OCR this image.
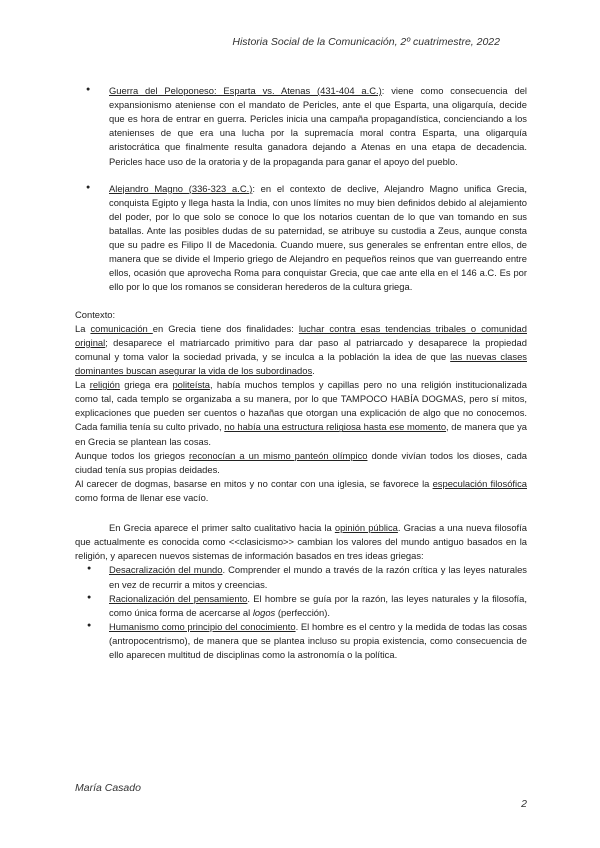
Historia Social de la Comunicación, 2º cuatrimestre, 2022
● Guerra del Peloponeso: Esparta vs. Atenas (431-404 a.C.): viene como consecuencia del expansionismo ateniense con el mandato de Pericles, ante el que Esparta, una oligarquía, decide que es hora de entrar en guerra. Pericles inicia una campaña propagandística, concienciando a los atenienses de que era una lucha por la supremacía moral contra Esparta, una oligarquía aristocrática que finalmente resulta ganadora dejando a Atenas en una etapa de decadencia. Pericles hace uso de la oratoria y de la propaganda para ganar el apoyo del pueblo.
● Alejandro Magno (336-323 a.C.): en el contexto de declive, Alejandro Magno unifica Grecia, conquista Egipto y llega hasta la India, con unos límites no muy bien definidos debido al alejamiento del poder, por lo que solo se conoce lo que los notarios cuentan de lo que van tomando en sus batallas. Ante las posibles dudas de su paternidad, se atribuye su custodia a Zeus, aunque consta que su padre es Filipo II de Macedonia. Cuando muere, sus generales se enfrentan entre ellos, de manera que se divide el Imperio griego de Alejandro en pequeños reinos que van guerreando entre ellos, ocasión que aprovecha Roma para conquistar Grecia, que cae ante ella en el 146 a.C. Es por ello por lo que los romanos se consideran herederos de la cultura griega.

Contexto:

La comunicación en Grecia tiene dos finalidades: luchar contra esas tendencias tribales o comunidad original; desaparece el matriarcado primitivo para dar paso al patriarcado y desaparece la propiedad comunal y toma valor la sociedad privada, y se inculca a la población la idea de que las nuevas clases dominantes buscan asegurar la vida de los subordinados.

La religión griega era politeísta, había muchos templos y capillas pero no una religión institucionalizada como tal, cada templo se organizaba a su manera, por lo que TAMPOCO HABÍA DOGMAS, pero sí mitos, explicaciones que pueden ser cuentos o hazañas que otorgan una explicación de algo que no conocemos. Cada familia tenía su culto privado, no había una estructura religiosa hasta ese momento, de manera que ya en Grecia se plantean las cosas.

Aunque todos los griegos reconocían a un mismo panteón olímpico donde vivían todos los dioses, cada ciudad tenía sus propias deidades.

Al carecer de dogmas, basarse en mitos y no contar con una iglesia, se favorece la especulación filosófica como forma de llenar ese vacío.

En Grecia aparece el primer salto cualitativo hacia la opinión pública. Gracias a una nueva filosofía que actualmente es conocida como <<clasicismo>> cambian los valores del mundo antiguo basados en la religión, y aparecen nuevos sistemas de información basados en tres ideas griegas:

● Desacralización del mundo. Comprender el mundo a través de la razón crítica y las leyes naturales en vez de recurrir a mitos y creencias.
● Racionalización del pensamiento. El hombre se guía por la razón, las leyes naturales y la filosofía, como única forma de acercarse al logos (perfección).
● Humanismo como principio del conocimiento. El hombre es el centro y la medida de todas las cosas (antropocentrismo), de manera que se plantea incluso su propia existencia, como consecuencia de ello aparecen multitud de disciplinas como la astronomía o la política.
María Casado
2
